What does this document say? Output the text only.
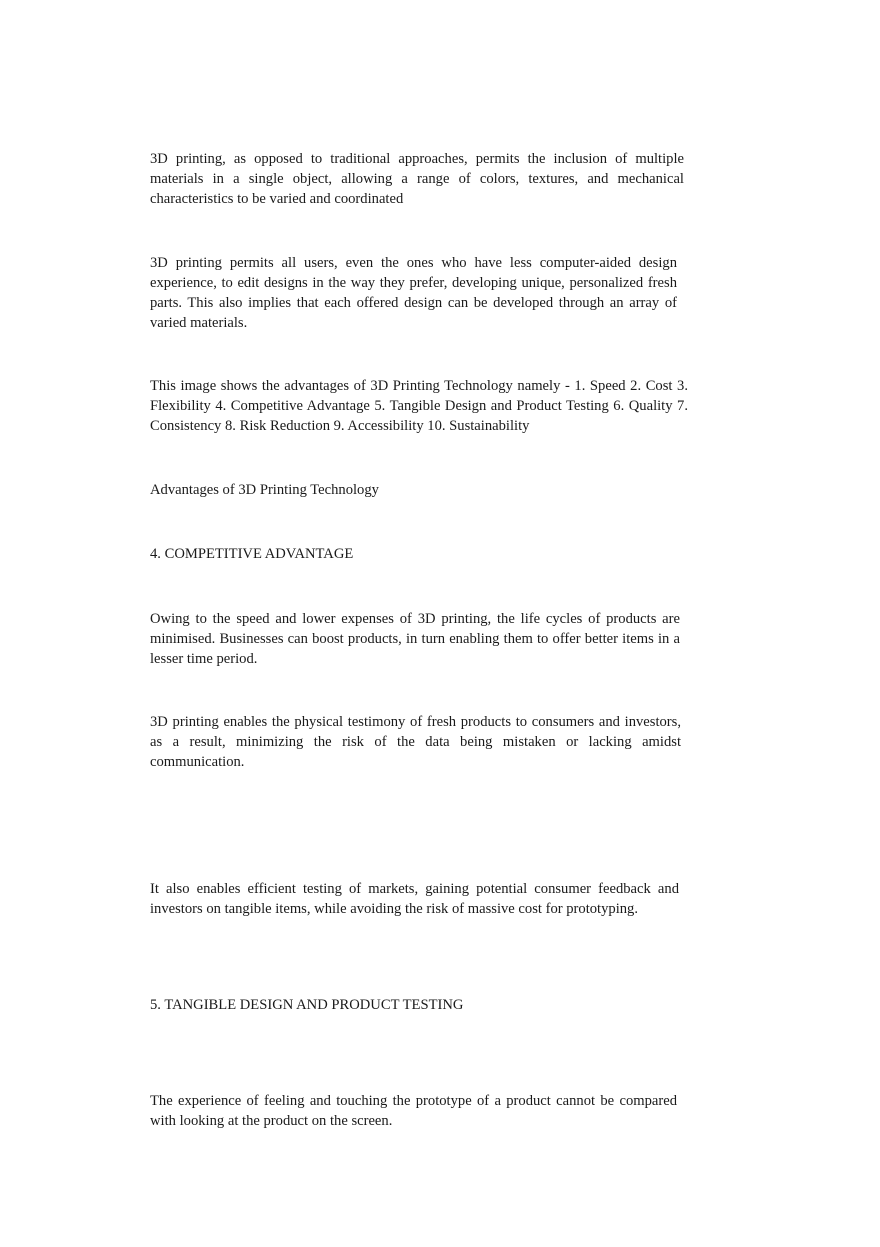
3D printing, as opposed to traditional approaches, permits the inclusion of multiple materials in a single object, allowing a range of colors, textures, and mechanical characteristics to be varied and coordinated

3D printing permits all users, even the ones who have less computer-aided design experience, to edit designs in the way they prefer, developing unique, personalized fresh parts. This also implies that each offered design can be developed through an array of varied materials.

This image shows the advantages of 3D Printing Technology namely - 1. Speed 2. Cost 3. Flexibility 4. Competitive Advantage 5. Tangible Design and Product Testing 6. Quality 7. Consistency 8. Risk Reduction 9. Accessibility 10. Sustainability

Advantages of 3D Printing Technology

4. COMPETITIVE ADVANTAGE

Owing to the speed and lower expenses of 3D printing, the life cycles of products are minimised. Businesses can boost products, in turn enabling them to offer better items in a lesser time period.

3D printing enables the physical testimony of fresh products to consumers and investors, as a result, minimizing the risk of the data being mistaken or lacking amidst communication.

It also enables efficient testing of markets, gaining potential consumer feedback and investors on tangible items, while avoiding the risk of massive cost for prototyping.

5. TANGIBLE DESIGN AND PRODUCT TESTING

The experience of feeling and touching the prototype of a product cannot be compared with looking at the product on the screen.
